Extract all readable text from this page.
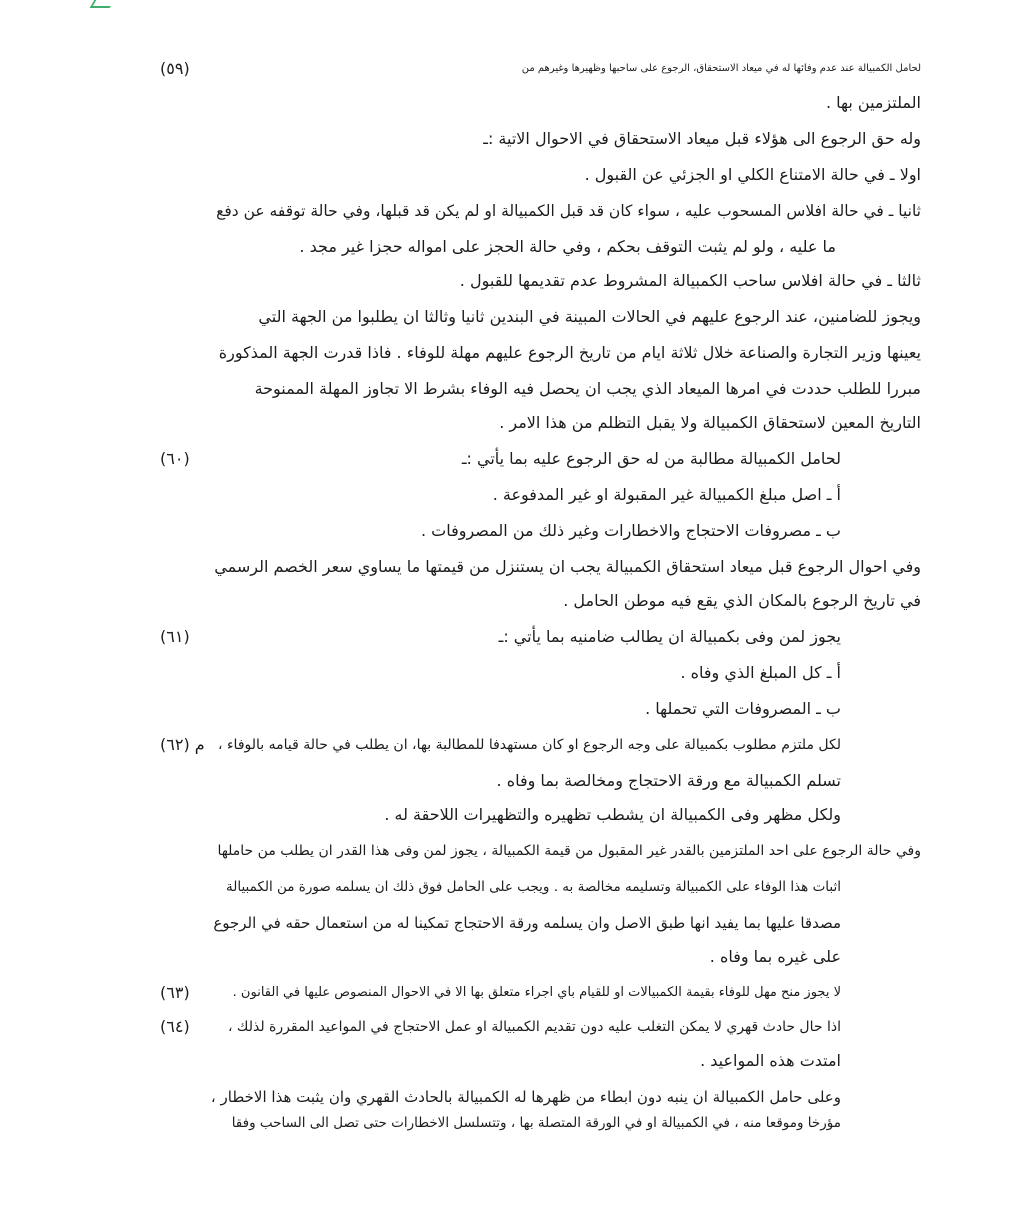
(٥٩)	لحامل الكمبيالة عند عدم وفائها له في ميعاد الاستحقاق، الرجوع على ساحبها وظهيرها وغيرهم من
الملتزمين بها .
وله حق الرجوع الى هؤلاء قبل ميعاد الاستحقاق في الاحوال الاتية :ـ
اولا ـ في حالة الامتناع الكلي او الجزئي عن القبول .
ثانيا ـ في حالة افلاس المسحوب عليه ، سواء كان قد قبل الكمبيالة او لم يكن قد قبلها، وفي حالة توقفه عن دفع
ما عليه ، ولو لم يثبت التوقف بحكم ، وفي حالة الحجز على امواله حجزا غير مجد .
ثالثا ـ في حالة افلاس ساحب الكمبيالة المشروط عدم تقديمها للقبول .
ويجوز للضامنين، عند الرجوع عليهم في الحالات المبينة في البندين ثانيا وثالثا ان يطلبوا من الجهة التي
يعينها وزير التجارة والصناعة خلال ثلاثة ايام من تاريخ الرجوع عليهم مهلة للوفاء . فاذا قدرت الجهة المذكورة
مبررا للطلب حددت في امرها الميعاد الذي يجب ان يحصل فيه الوفاء بشرط الا تجاوز المهلة الممنوحة
التاريخ المعين لاستحقاق الكمبيالة ولا يقبل التظلم من هذا الامر .
(٦٠)	لحامل الكمبيالة مطالبة من له حق الرجوع عليه بما يأتي :ـ
أ ـ اصل مبلغ الكمبيالة غير المقبولة او غير المدفوعة .
ب ـ مصروفات الاحتجاج والاخطارات وغير ذلك من المصروفات .
وفي احوال الرجوع قبل ميعاد استحقاق الكمبيالة يجب ان يستنزل من قيمتها ما يساوي سعر الخصم الرسمي
في تاريخ الرجوع بالمكان الذي يقع فيه موطن الحامل .
(٦١)	يجوز لمن وفى بكمبيالة ان يطالب ضامنيه بما يأتي :ـ
أ ـ كل المبلغ الذي وفاه .
ب ـ المصروفات التي تحملها .
م (٦٢) لكل ملتزم مطلوب بكمبيالة على وجه الرجوع او كان مستهدفا للمطالبة بها، ان يطلب في حالة قيامه بالوفاء ،
تسلم الكمبيالة مع ورقة الاحتجاج ومخالصة بما وفاه .
ولكل مظهر وفى الكمبيالة ان يشطب تظهيره والتظهيرات اللاحقة له .
وفي حالة الرجوع على احد الملتزمين بالقدر غير المقبول من قيمة الكمبيالة ، يجوز لمن وفى هذا القدر ان يطلب من حاملها
اثبات هذا الوفاء على الكمبيالة وتسليمه مخالصة به . ويجب على الحامل فوق ذلك ان يسلمه صورة من الكمبيالة
مصدقا عليها بما يفيد انها طبق الاصل وان يسلمه ورقة الاحتجاج تمكينا له من استعمال حقه في الرجوع
على غيره بما وفاه .
(٦٣)	لا يجوز منح مهل للوفاء بقيمة الكمبيالات او للقيام باي اجراء متعلق بها الا في الاحوال المنصوص عليها في القانون .
(٦٤)	اذا حال حادث قهري لا يمكن التغلب عليه دون تقديم الكمبيالة او عمل الاحتجاج في المواعيد المقررة لذلك ،
امتدت هذه المواعيد .
وعلى حامل الكمبيالة ان ينبه دون ابطاء من ظهرها له الكمبيالة بالحادث القهري وان يثبت هذا الاخطار ،
مؤرخا وموقعا منه ، في الكمبيالة او في الورقة المتصلة بها ، وتتسلسل الاخطارات حتى تصل الى الساحب وفقا
